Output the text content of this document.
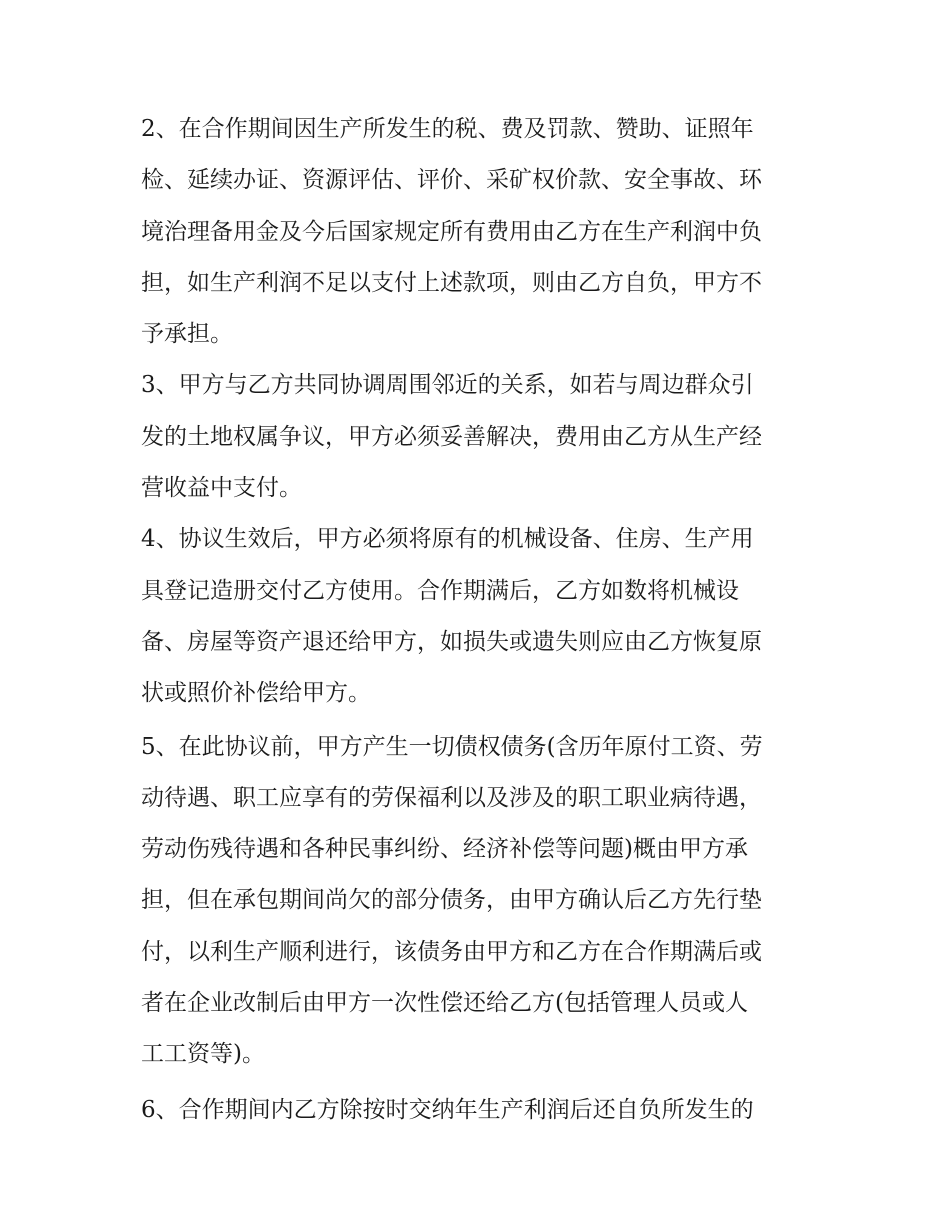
2、在合作期间因生产所发生的税、费及罚款、赞助、证照年
检、延续办证、资源评估、评价、采矿权价款、安全事故、环
境治理备用金及今后国家规定所有费用由乙方在生产利润中负
担，如生产利润不足以支付上述款项，则由乙方自负，甲方不
予承担。
3、甲方与乙方共同协调周围邻近的关系，如若与周边群众引
发的土地权属争议，甲方必须妥善解决，费用由乙方从生产经
营收益中支付。
4、协议生效后，甲方必须将原有的机械设备、住房、生产用
具登记造册交付乙方使用。合作期满后，乙方如数将机械设
备、房屋等资产退还给甲方，如损失或遗失则应由乙方恢复原
状或照价补偿给甲方。
5、在此协议前，甲方产生一切债权债务(含历年原付工资、劳
动待遇、职工应享有的劳保福利以及涉及的职工职业病待遇，
劳动伤残待遇和各种民事纠纷、经济补偿等问题)概由甲方承
担，但在承包期间尚欠的部分债务，由甲方确认后乙方先行垫
付，以利生产顺利进行，该债务由甲方和乙方在合作期满后或
者在企业改制后由甲方一次性偿还给乙方(包括管理人员或人
工工资等)。
6、合作期间内乙方除按时交纳年生产利润后还自负所发生的
